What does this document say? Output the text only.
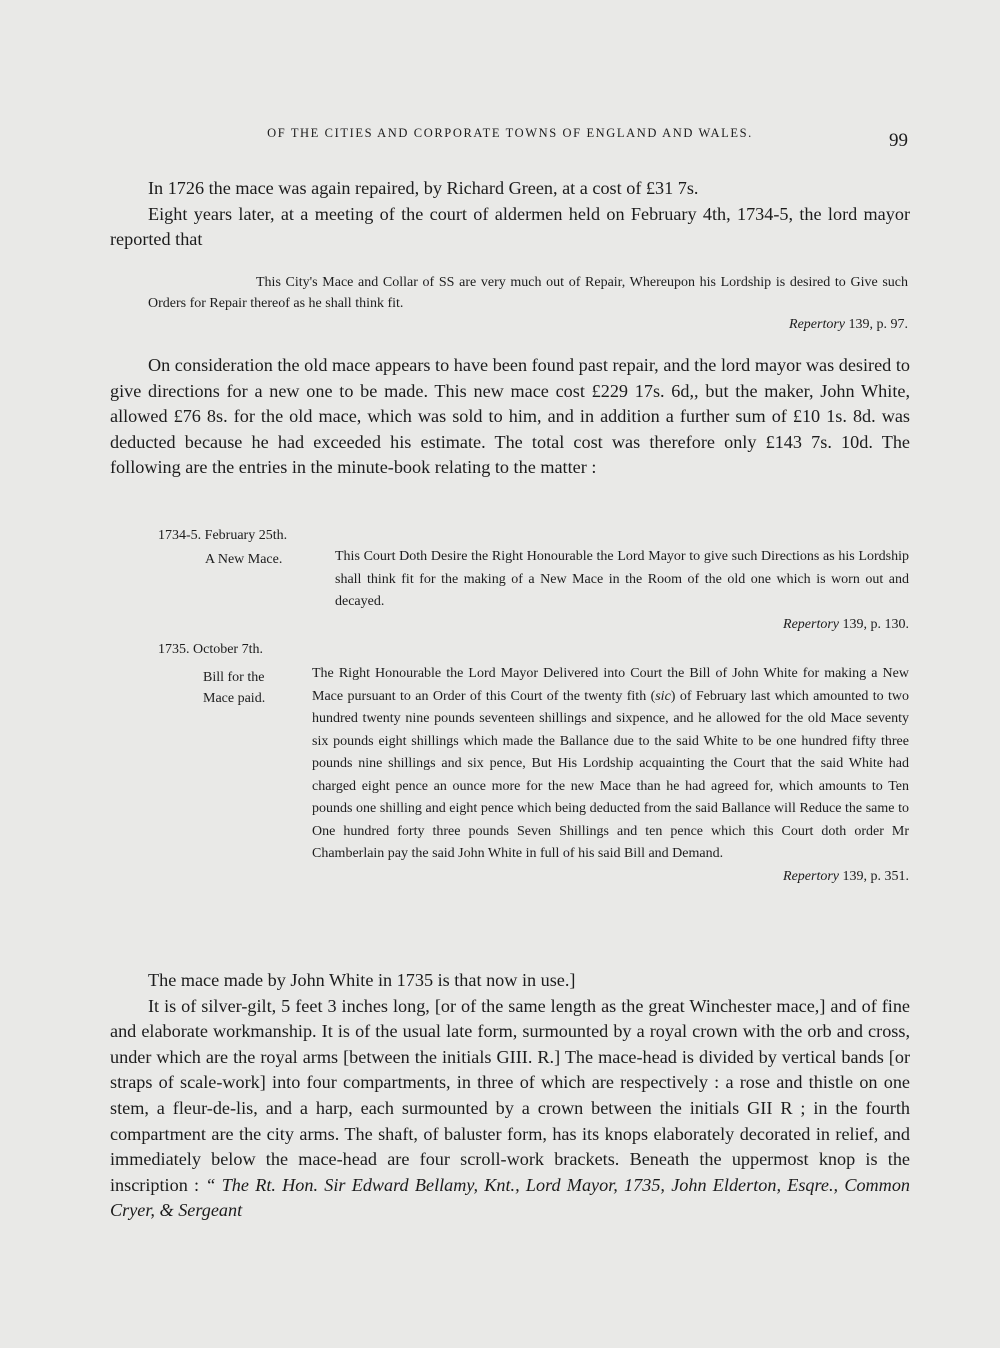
OF THE CITIES AND CORPORATE TOWNS OF ENGLAND AND WALES.	99

In 1726 the mace was again repaired, by Richard Green, at a cost of £31 7s.

Eight years later, at a meeting of the court of aldermen held on February 4th, 1734-5, the lord mayor reported that

This City's Mace and Collar of SS are very much out of Repair, Whereupon his Lordship is desired to Give such Orders for Repair thereof as he shall think fit.

Repertory 139, p. 97.

On consideration the old mace appears to have been found past repair, and the lord mayor was desired to give directions for a new one to be made. This new mace cost £229 17s. 6d,, but the maker, John White, allowed £76 8s. for the old mace, which was sold to him, and in addition a further sum of £10 1s. 8d. was deducted because he had exceeded his estimate. The total cost was therefore only £143 7s. 10d. The following are the entries in the minute-book relating to the matter :

1734-5. February 25th.
A New Mace.	This Court Doth Desire the Right Honourable the Lord Mayor to give such Directions as his Lordship shall think fit for the making of a New Mace in the Room of the old one which is worn out and decayed.
Repertory 139, p. 130.
1735. October 7th.
Bill for the
Mace paid.
The Right Honourable the Lord Mayor Delivered into Court the Bill of John White for making a New Mace pursuant to an Order of this Court of the twenty fith (sic) of February last which amounted to two hundred twenty nine pounds seventeen shillings and sixpence, and he allowed for the old Mace seventy six pounds eight shillings which made the Ballance due to the said White to be one hundred fifty three pounds nine shillings and six pence, But His Lordship acquainting the Court that the said White had charged eight pence an ounce more for the new Mace than he had agreed for, which amounts to Ten pounds one shilling and eight pence which being deducted from the said Ballance will Reduce the same to One hundred forty three pounds Seven Shillings and ten pence which this Court doth order Mr Chamberlain pay the said John White in full of his said Bill and Demand.
Repertory 139, p. 351.

The mace made by John White in 1735 is that now in use.]

It is of silver-gilt, 5 feet 3 inches long, [or of the same length as the great Winchester mace,] and of fine and elaborate workmanship. It is of the usual late form, surmounted by a royal crown with the orb and cross, under which are the royal arms [between the initials GIII. R.] The mace-head is divided by vertical bands [or straps of scale-work] into four compartments, in three of which are respectively : a rose and thistle on one stem, a fleur-de-lis, and a harp, each surmounted by a crown between the initials GII R ; in the fourth compartment are the city arms. The shaft, of baluster form, has its knops elaborately decorated in relief, and immediately below the mace-head are four scroll-work brackets. Beneath the uppermost knop is the inscription : “ The Rt. Hon. Sir Edward Bellamy, Knt., Lord Mayor, 1735, John Elderton, Esqre., Common Cryer, & Sergeant
